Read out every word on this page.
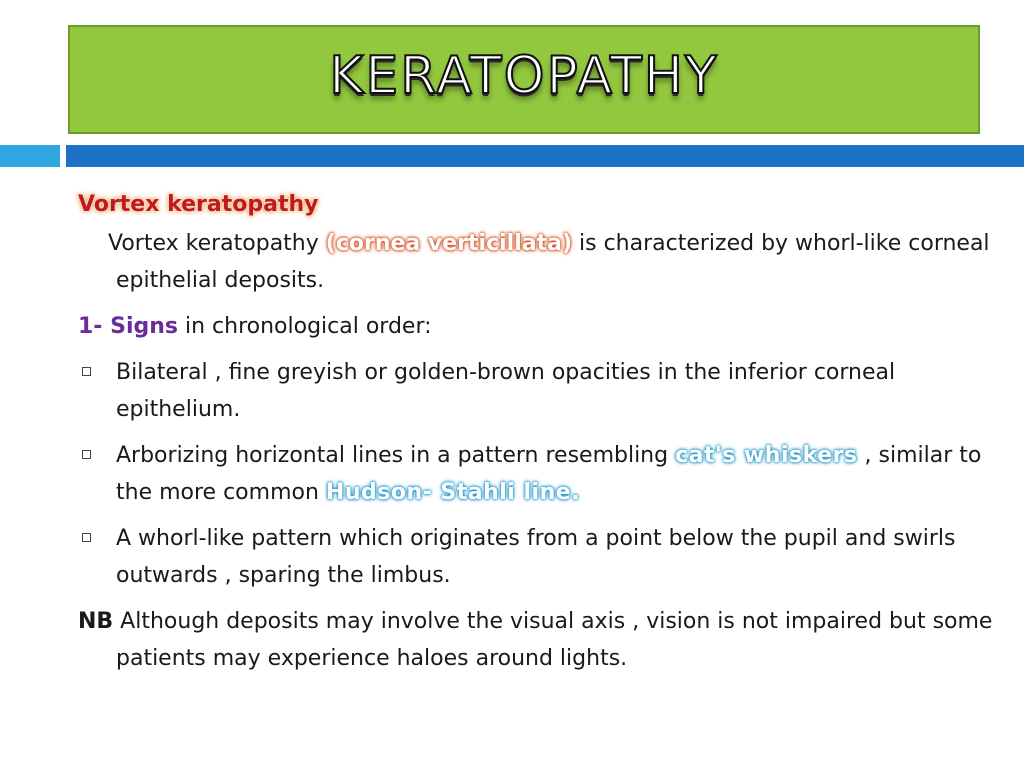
KERATOPATHY
Vortex keratopathy

Vortex keratopathy (cornea verticillata) is characterized by whorl-like corneal epithelial deposits.

1- Signs in chronological order:

Bilateral , fine greyish or golden-brown opacities in the inferior corneal epithelium.
Arborizing horizontal lines in a pattern resembling cat's whiskers , similar to the more common Hudson- Stahli line.
A whorl-like pattern which originates from a point below the pupil and swirls outwards , sparing the limbus.

NB Although deposits may involve the visual axis , vision is not impaired but some patients may experience haloes around lights.
